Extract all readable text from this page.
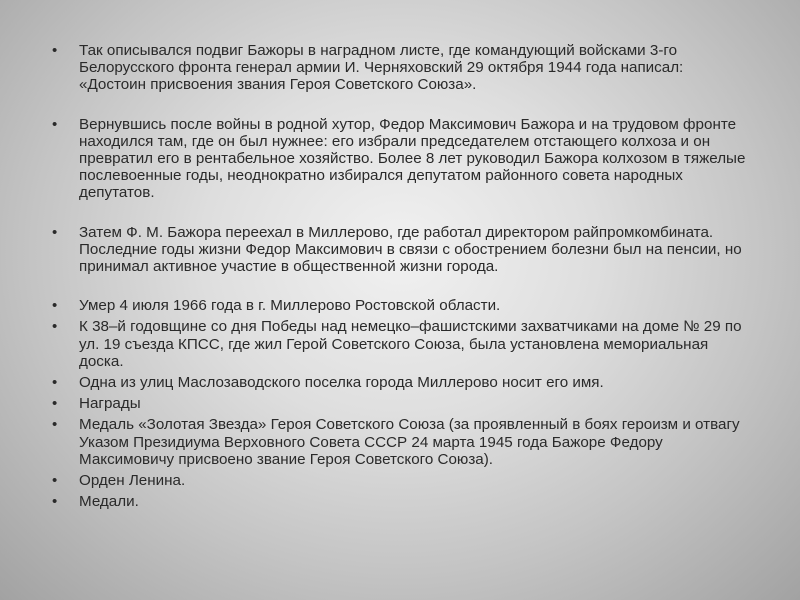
• Так описывался подвиг Бажоры в наградном листе, где командующий войсками 3-го Белорусского фронта генерал армии И. Черняховский 29 октября 1944 года написал: «Достоин присвоения звания Героя Советского Союза».
• Вернувшись после войны в родной хутор, Федор Максимович Бажора и на трудовом фронте находился там, где он был нужнее: его избрали председателем отстающего колхоза и он превратил его в рентабельное хозяйство. Более 8 лет руководил Бажора колхозом в тяжелые послевоенные годы, неоднократно избирался депутатом районного совета народных депутатов.
• Затем Ф. М. Бажора переехал в Миллерово, где работал директором райпромкомбината. Последние годы жизни Федор Максимович в связи с обострением болезни был на пенсии, но принимал активное участие в общественной жизни города.
• Умер 4 июля 1966 года в г. Миллерово Ростовской области.
• К 38–й годовщине со дня Победы над немецко–фашистскими захватчиками на доме № 29 по ул. 19 съезда КПСС, где жил Герой Советского Союза, была установлена мемориальная доска.
• Одна из улиц Маслозаводского поселка города Миллерово носит его имя.
• Награды
• Медаль «Золотая Звезда» Героя Советского Союза (за проявленный в боях героизм и отвагу Указом Президиума Верховного Совета СССР 24 марта 1945 года Бажоре Федору Максимовичу присвоено звание Героя Советского Союза).
• Орден Ленина.
• Медали.
